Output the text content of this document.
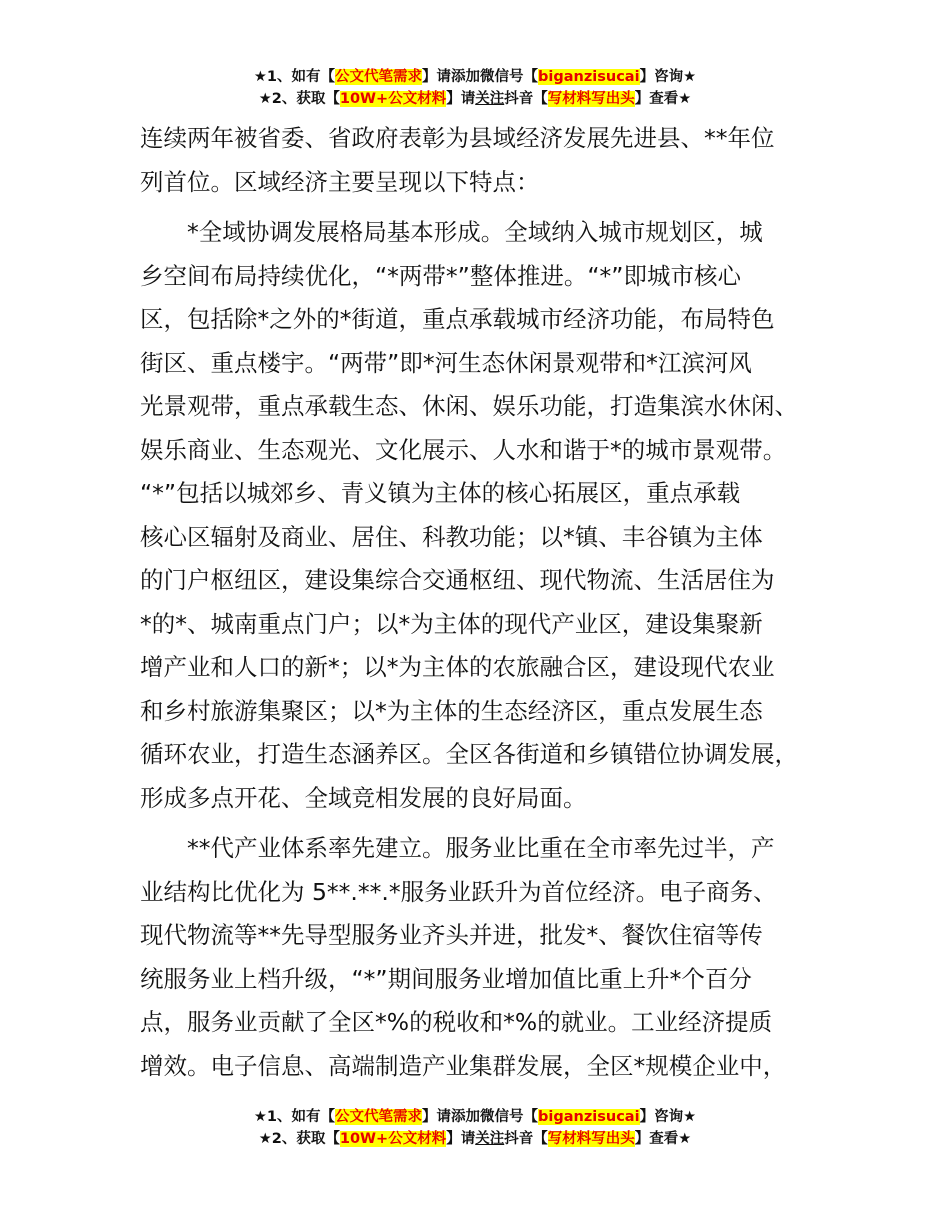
★1、如有【公文代笔需求】请添加微信号【biganzisucai】咨询★
★2、获取【10W+公文材料】请关注抖音【写材料写出头】查看★

连续两年被省委、省政府表彰为县域经济发展先进县、**年位
列首位。区域经济主要呈现以下特点：

　　*全域协调发展格局基本形成。全域纳入城市规划区，城
乡空间布局持续优化，“*两带*”整体推进。“*”即城市核心
区，包括除*之外的*街道，重点承载城市经济功能，布局特色
街区、重点楼宇。“两带”即*河生态休闲景观带和*江滨河风
光景观带，重点承载生态、休闲、娱乐功能，打造集滨水休闲、
娱乐商业、生态观光、文化展示、人水和谐于*的城市景观带。
“*”包括以城郊乡、青义镇为主体的核心拓展区，重点承载
核心区辐射及商业、居住、科教功能；以*镇、丰谷镇为主体
的门户枢纽区，建设集综合交通枢纽、现代物流、生活居住为
*的*、城南重点门户；以*为主体的现代产业区，建设集聚新
增产业和人口的新*；以*为主体的农旅融合区，建设现代农业
和乡村旅游集聚区；以*为主体的生态经济区，重点发展生态
循环农业，打造生态涵养区。全区各街道和乡镇错位协调发展，
形成多点开花、全域竞相发展的良好局面。

　　**代产业体系率先建立。服务业比重在全市率先过半，产
业结构比优化为 5**.**.*服务业跃升为首位经济。电子商务、
现代物流等**先导型服务业齐头并进，批发*、餐饮住宿等传
统服务业上档升级，“*”期间服务业增加值比重上升*个百分
点，服务业贡献了全区*%的税收和*%的就业。工业经济提质
增效。电子信息、高端制造产业集群发展，全区*规模企业中，

★1、如有【公文代笔需求】请添加微信号【biganzisucai】咨询★
★2、获取【10W+公文材料】请关注抖音【写材料写出头】查看★
